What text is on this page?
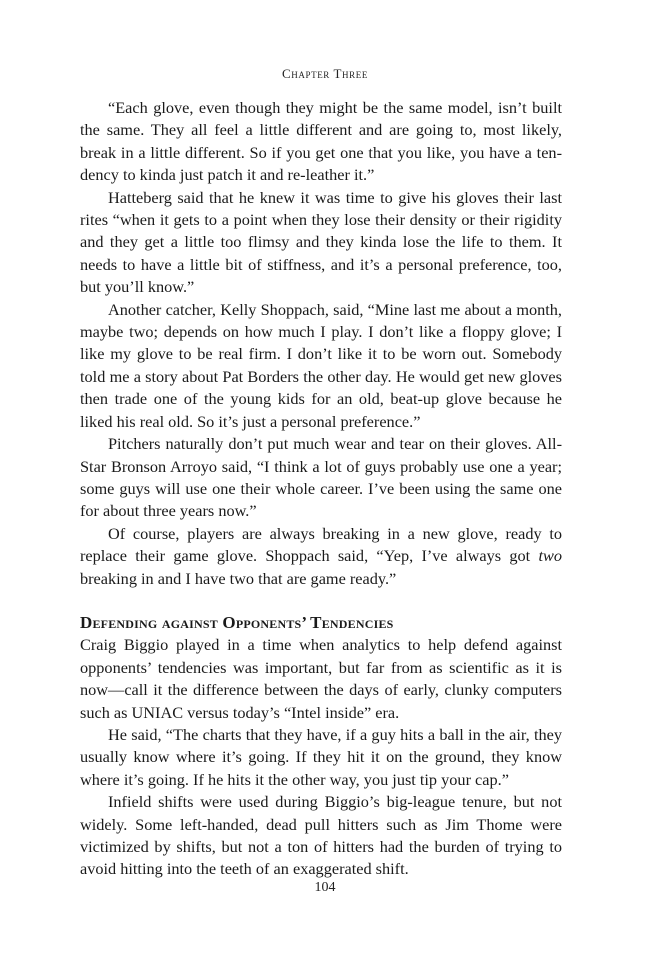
Chapter Three

“Each glove, even though they might be the same model, isn’t built the same. They all feel a little different and are going to, most likely, break in a little different. So if you get one that you like, you have a tendency to kinda just patch it and re-leather it.”

Hatteberg said that he knew it was time to give his gloves their last rites “when it gets to a point when they lose their density or their rigidity and they get a little too flimsy and they kinda lose the life to them. It needs to have a little bit of stiffness, and it’s a personal preference, too, but you’ll know.”

Another catcher, Kelly Shoppach, said, “Mine last me about a month, maybe two; depends on how much I play. I don’t like a floppy glove; I like my glove to be real firm. I don’t like it to be worn out. Somebody told me a story about Pat Borders the other day. He would get new gloves then trade one of the young kids for an old, beat-up glove because he liked his real old. So it’s just a personal preference.”

Pitchers naturally don’t put much wear and tear on their gloves. All-Star Bronson Arroyo said, “I think a lot of guys probably use one a year; some guys will use one their whole career. I’ve been using the same one for about three years now.”

Of course, players are always breaking in a new glove, ready to replace their game glove. Shoppach said, “Yep, I’ve always got two breaking in and I have two that are game ready.”

Defending against Opponents’ Tendencies

Craig Biggio played in a time when analytics to help defend against opponents’ tendencies was important, but far from as scientific as it is now—call it the difference between the days of early, clunky computers such as UNIAC versus today’s “Intel inside” era.

He said, “The charts that they have, if a guy hits a ball in the air, they usually know where it’s going. If they hit it on the ground, they know where it’s going. If he hits it the other way, you just tip your cap.”

Infield shifts were used during Biggio’s big-league tenure, but not widely. Some left-handed, dead pull hitters such as Jim Thome were victimized by shifts, but not a ton of hitters had the burden of trying to avoid hitting into the teeth of an exaggerated shift.

104
